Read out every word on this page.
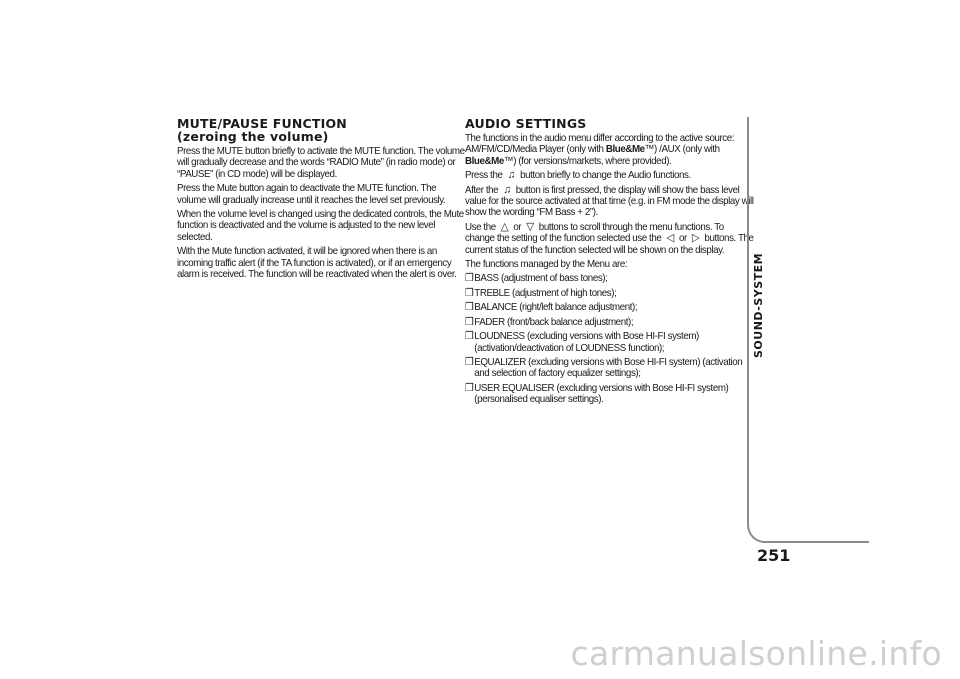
MUTE/PAUSE FUNCTION
(zeroing the volume)

Press the MUTE button briefly to activate the MUTE function. The volume will gradually decrease and the words “RADIO Mute” (in radio mode) or “PAUSE” (in CD mode) will be displayed.

Press the Mute button again to deactivate the MUTE function. The volume will gradually increase until it reaches the level set previously.

When the volume level is changed using the dedicated controls, the Mute function is deactivated and the volume is adjusted to the new level selected.

With the Mute function activated, it will be ignored when there is an incoming traffic alert (if the TA function is activated), or if an emergency alarm is received. The function will be reactivated when the alert is over.

AUDIO SETTINGS

The functions in the audio menu differ according to the active source: AM/FM/CD/Media Player (only with Blue&Me™) /AUX (only with Blue&Me™) (for versions/markets, where provided).

Press the ♫ button briefly to change the Audio functions.

After the ♫ button is first pressed, the display will show the bass level value for the source activated at that time (e.g. in FM mode the display will show the wording “FM Bass + 2”).

Use the △ or ▽ buttons to scroll through the menu functions. To change the setting of the function selected use the ◁ or ▷ buttons. The current status of the function selected will be shown on the display.

The functions managed by the Menu are:

❒ BASS (adjustment of bass tones);
❒ TREBLE (adjustment of high tones);
❒ BALANCE (right/left balance adjustment);
❒ FADER (front/back balance adjustment);
❒ LOUDNESS (excluding versions with Bose HI-FI system) (activation/deactivation of LOUDNESS function);
❒ EQUALIZER (excluding versions with Bose HI-FI system) (activation and selection of factory equalizer settings);
❒ USER EQUALISER (excluding versions with Bose HI-FI system) (personalised equaliser settings).
SOUND-SYSTEM
251
carmanualsonline.info
